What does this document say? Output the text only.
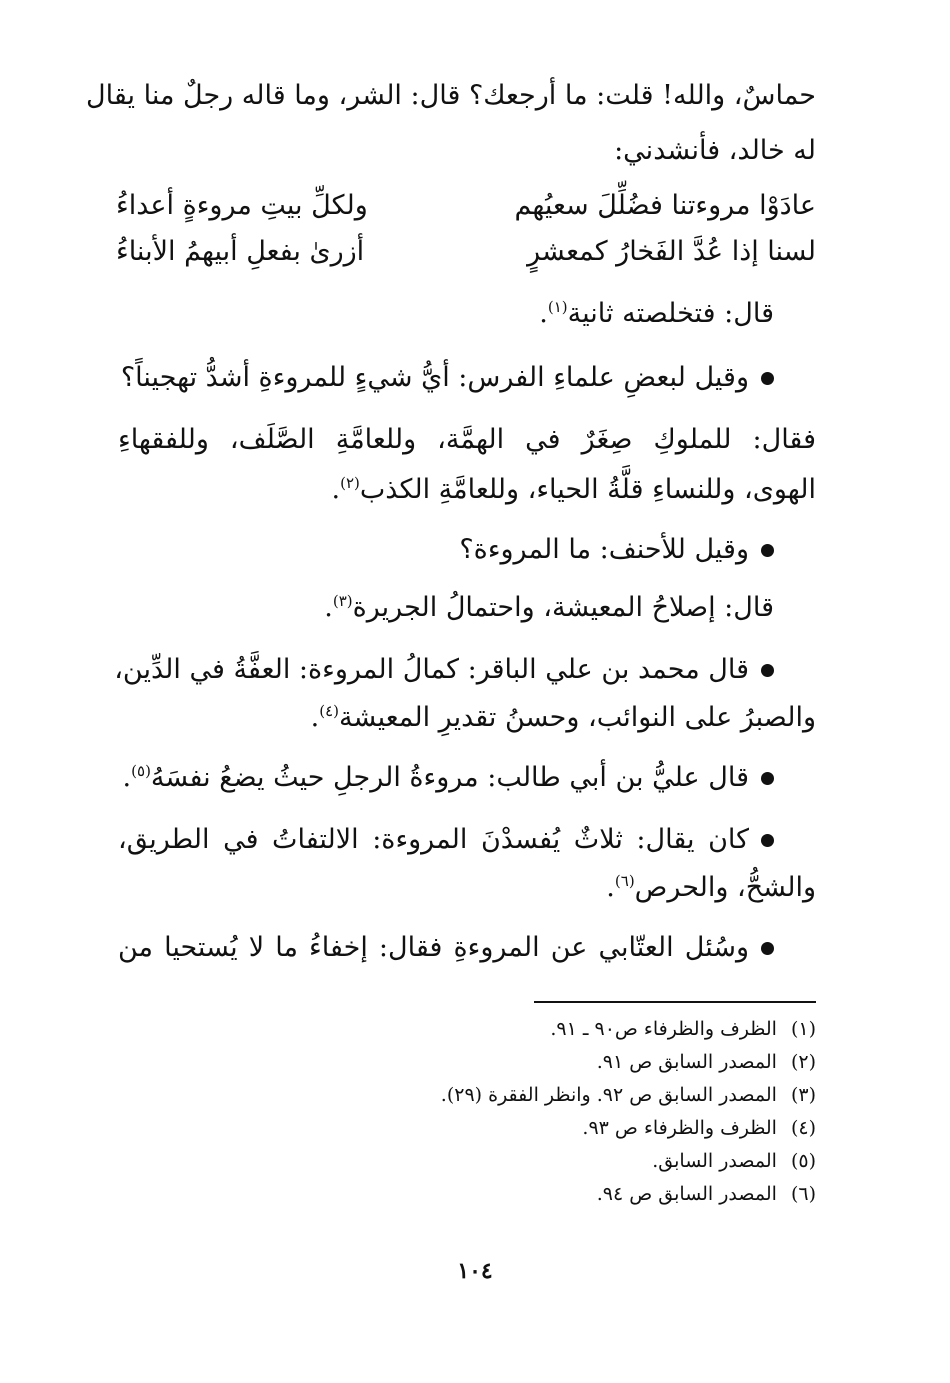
حماسٌ، والله! قلت: ما أرجعك؟ قال: الشر، وما قاله رجلٌ منا يقال
له خالد، فأنشدني:
عادَوْا مروءتنا فضُلِّلَ سعيُهم
ولكلِّ بيتِ مروءةٍ أعداءُ
لسنا إذا عُدَّ الفَخارُ كمعشرٍ
أزرىٰ بفعلِ أبيهمُ الأبناءُ
قال: فتخلصته ثانية$^{(١)}$.
وقيل لبعضِ علماءِ الفرس: أيُّ شيءٍ للمروءةِ أشدُّ تهجيناً؟
فقال: للملوكِ صِغَرٌ في الهمَّة، وللعامَّةِ الصَّلَف، وللفقهاءِ
الهوى، وللنساءِ قلَّةُ الحياء، وللعامَّةِ الكذب$^{(٢)}$.
وقيل للأحنف: ما المروءة؟
قال: إصلاحُ المعيشة، واحتمالُ الجريرة$^{(٣)}$.
قال محمد بن علي الباقر: كمالُ المروءة: العفَّةُ في الدِّين،
والصبرُ على النوائب، وحسنُ تقديرِ المعيشة$^{(٤)}$.
قال عليُّ بن أبي طالب: مروءةُ الرجلِ حيثُ يضعُ نفسَهُ$^{(٥)}$.
كان يقال: ثلاثٌ يُفسدْنَ المروءة: الالتفاتُ في الطريق،
والشحُّ، والحرص$^{(٦)}$.
وسُئل العتّابي عن المروءةِ فقال: إخفاءُ ما لا يُستحيا من
(١)الظرف والظرفاء ص٩٠ ـ ٩١.
(٢)المصدر السابق ص ٩١.
(٣)المصدر السابق ص ٩٢. وانظر الفقرة (٢٩).
(٤)الظرف والظرفاء ص ٩٣.
(٥)المصدر السابق.
(٦)المصدر السابق ص ٩٤.
١٠٤
